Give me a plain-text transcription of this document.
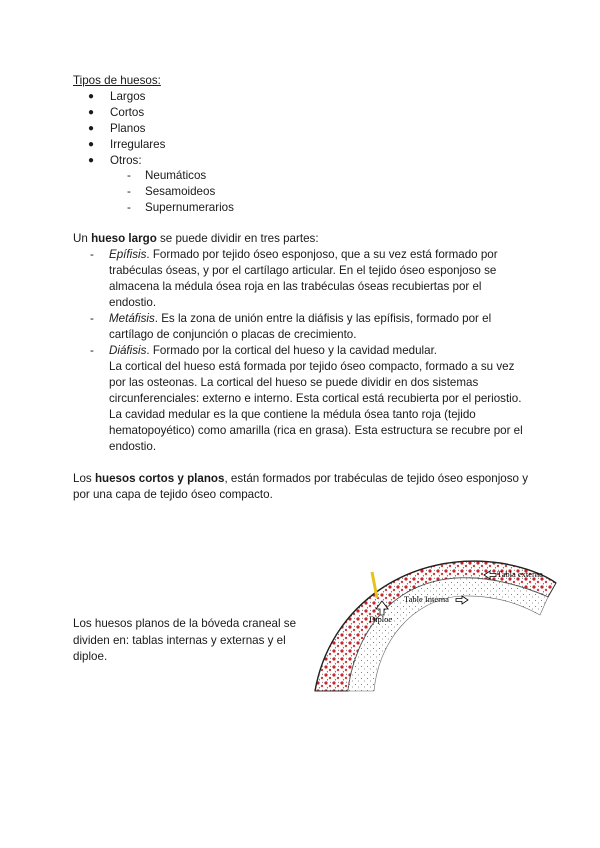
Tipos de huesos:
● Largos
● Cortos
● Planos
● Irregulares
● Otros:
- Neumáticos
- Sesamoideos
- Supernumerarios
Un hueso largo se puede dividir en tres partes:
- Epífisis. Formado por tejido óseo esponjoso, que a su vez está formado por trabéculas óseas, y por el cartílago articular. En el tejido óseo esponjoso se almacena la médula ósea roja en las trabéculas óseas recubiertas por el endostio.
- Metáfisis. Es la zona de unión entre la diáfisis y las epífisis, formado por el cartílago de conjunción o placas de crecimiento.
- Diáfisis. Formado por la cortical del hueso y la cavidad medular.
La cortical del hueso está formada por tejido óseo compacto, formado a su vez por las osteonas. La cortical del hueso se puede dividir en dos sistemas circunferenciales: externo e interno. Esta cortical está recubierta por el periostio.
La cavidad medular es la que contiene la médula ósea tanto roja (tejido hematopoyético) como amarilla (rica en grasa). Esta estructura se recubre por el endostio.
Los huesos cortos y planos, están formados por trabéculas de tejido óseo esponjoso y por una capa de tejido óseo compacto.
Los huesos planos de la bóveda craneal se dividen en: tablas internas y externas y el diploe.
Tabla externa
Table Interna
Diploe
